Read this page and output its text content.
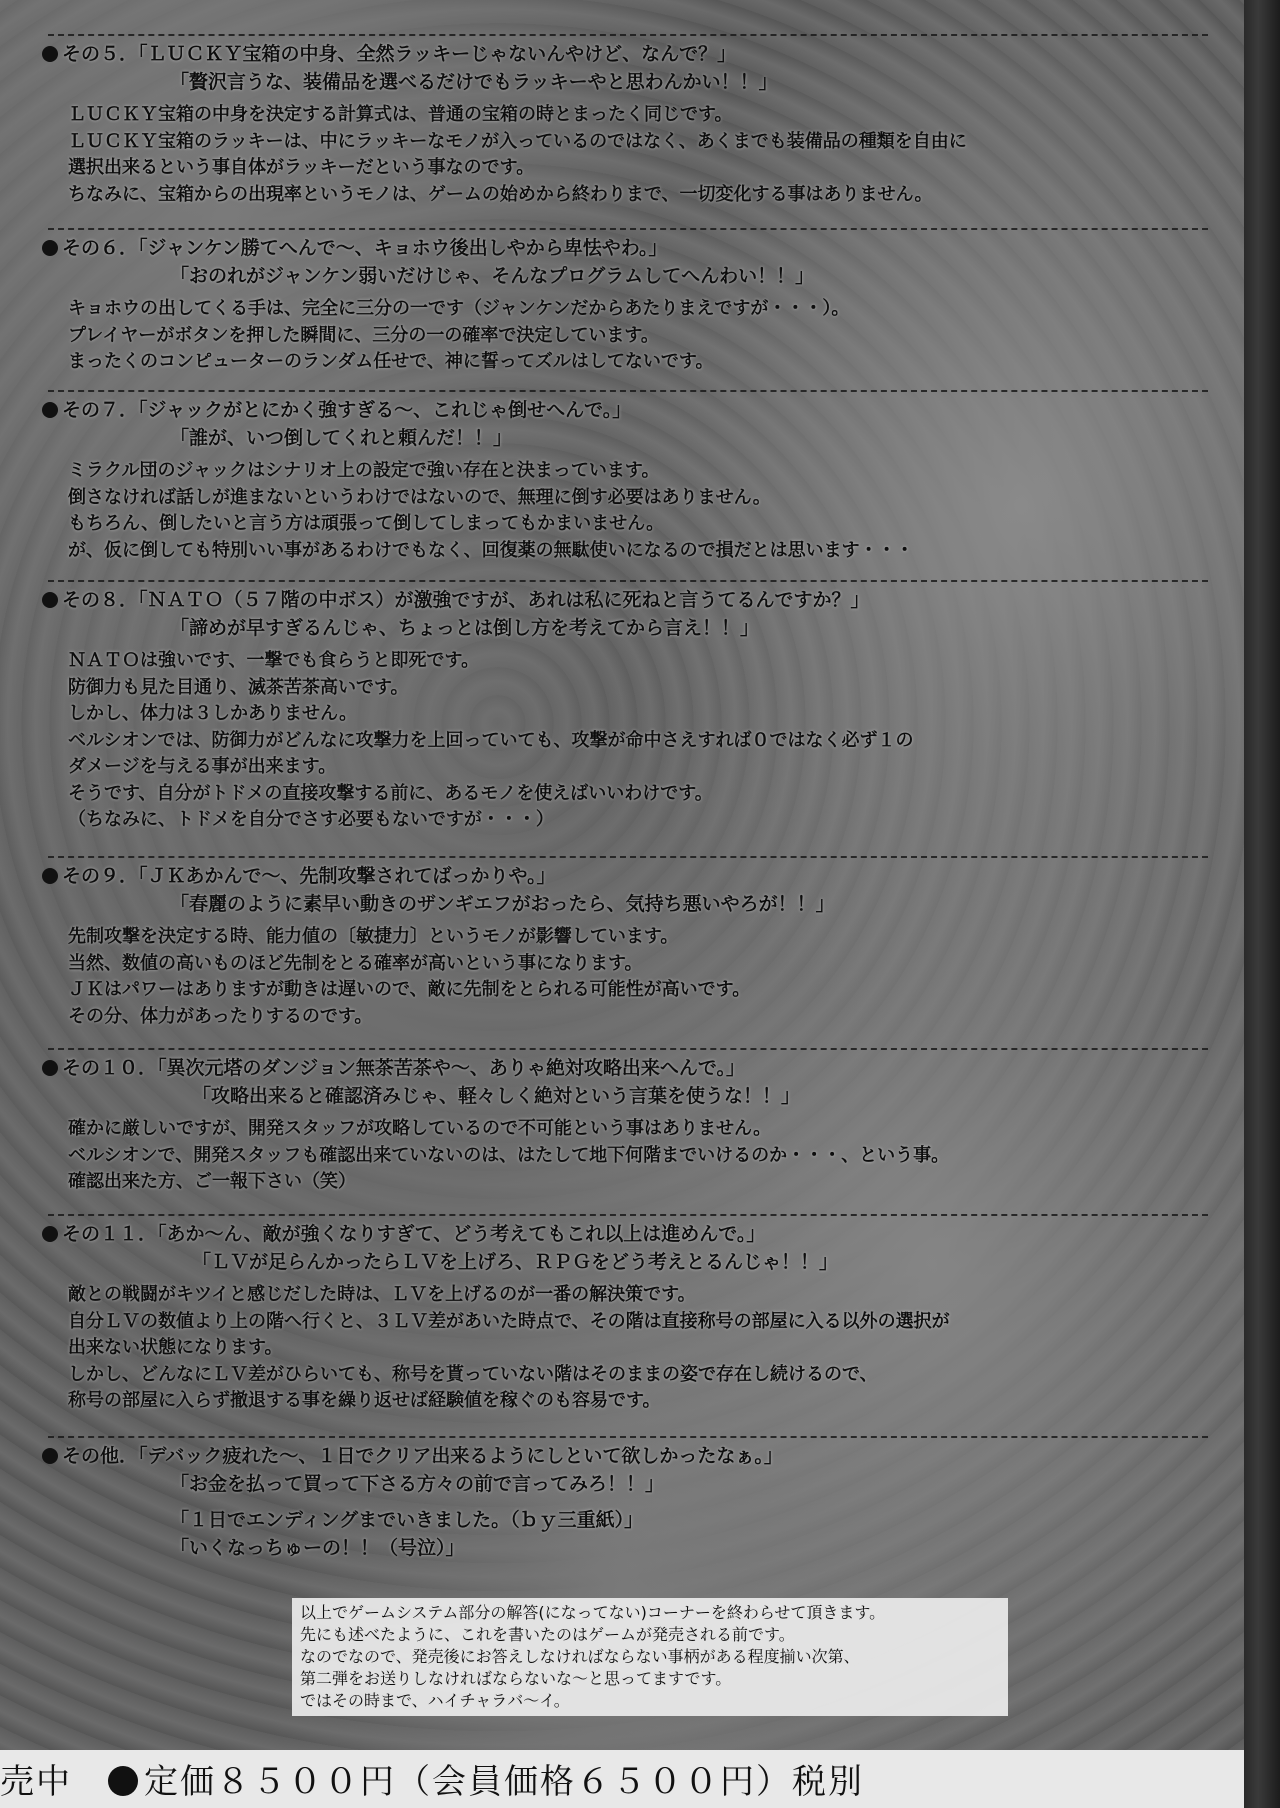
その５．「ＬＵＣＫＹ宝箱の中身、全然ラッキーじゃないんやけど、なんで？」
「贅沢言うな、装備品を選べるだけでもラッキーやと思わんかい！！」
ＬＵＣＫＹ宝箱の中身を決定する計算式は、普通の宝箱の時とまったく同じです。
ＬＵＣＫＹ宝箱のラッキーは、中にラッキーなモノが入っているのではなく、あくまでも装備品の種類を自由に
選択出来るという事自体がラッキーだという事なのです。
ちなみに、宝箱からの出現率というモノは、ゲームの始めから終わりまで、一切変化する事はありません。
その６．「ジャンケン勝てへんで～、キョホウ後出しやから卑怯やわ。」
「おのれがジャンケン弱いだけじゃ、そんなプログラムしてへんわい！！」
キョホウの出してくる手は、完全に三分の一です（ジャンケンだからあたりまえですが・・・）。
プレイヤーがボタンを押した瞬間に、三分の一の確率で決定しています。
まったくのコンピューターのランダム任せで、神に誓ってズルはしてないです。
その７．「ジャックがとにかく強すぎる～、これじゃ倒せへんで。」
「誰が、いつ倒してくれと頼んだ！！」
ミラクル団のジャックはシナリオ上の設定で強い存在と決まっています。
倒さなければ話しが進まないというわけではないので、無理に倒す必要はありません。
もちろん、倒したいと言う方は頑張って倒してしまってもかまいません。
が、仮に倒しても特別いい事があるわけでもなく、回復薬の無駄使いになるので損だとは思います・・・
その８．「ＮＡＴＯ（５７階の中ボス）が激強ですが、あれは私に死ねと言うてるんですか？」
「諦めが早すぎるんじゃ、ちょっとは倒し方を考えてから言え！！」
ＮＡＴＯは強いです、一撃でも食らうと即死です。
防御力も見た目通り、滅茶苦茶高いです。
しかし、体力は３しかありません。
ベルシオンでは、防御力がどんなに攻撃力を上回っていても、攻撃が命中さえすれば０ではなく必ず１の
ダメージを与える事が出来ます。
そうです、自分がトドメの直接攻撃する前に、あるモノを使えばいいわけです。
（ちなみに、トドメを自分でさす必要もないですが・・・）
その９．「ＪＫあかんで～、先制攻撃されてばっかりや。」
「春麗のように素早い動きのザンギエフがおったら、気持ち悪いやろが！！」
先制攻撃を決定する時、能力値の〔敏捷力〕というモノが影響しています。
当然、数値の高いものほど先制をとる確率が高いという事になります。
ＪＫはパワーはありますが動きは遅いので、敵に先制をとられる可能性が高いです。
その分、体力があったりするのです。
その１０．「異次元塔のダンジョン無茶苦茶や～、ありゃ絶対攻略出来へんで。」
「攻略出来ると確認済みじゃ、軽々しく絶対という言葉を使うな！！」
確かに厳しいですが、開発スタッフが攻略しているので不可能という事はありません。
ベルシオンで、開発スタッフも確認出来ていないのは、はたして地下何階までいけるのか・・・、という事。
確認出来た方、ご一報下さい（笑）
その１１．「あか～ん、敵が強くなりすぎて、どう考えてもこれ以上は進めんで。」
「ＬＶが足らんかったらＬＶを上げろ、ＲＰＧをどう考えとるんじゃ！！」
敵との戦闘がキツイと感じだした時は、ＬＶを上げるのが一番の解決策です。
自分ＬＶの数値より上の階へ行くと、３ＬＶ差があいた時点で、その階は直接称号の部屋に入る以外の選択が
出来ない状態になります。
しかし、どんなにＬＶ差がひらいても、称号を貰っていない階はそのままの姿で存在し続けるので、
称号の部屋に入らず撤退する事を繰り返せば経験値を稼ぐのも容易です。
その他．「デバック疲れた～、１日でクリア出来るようにしといて欲しかったなぁ。」
「お金を払って買って下さる方々の前で言ってみろ！！」
「１日でエンディングまでいきました。（ｂｙ三重紙）」
「いくなっちゅーの！！（号泣）」
以上でゲームシステム部分の解答(になってない)コーナーを終わらせて頂きます。
先にも述べたように、これを書いたのはゲームが発売される前です。
なのでなので、発売後にお答えしなければならない事柄がある程度揃い次第、
第二弾をお送りしなければならないな～と思ってますです。
ではその時まで、ハイチャラバ～イ。
売中 定価８５００円（会員価格６５００円）税別
